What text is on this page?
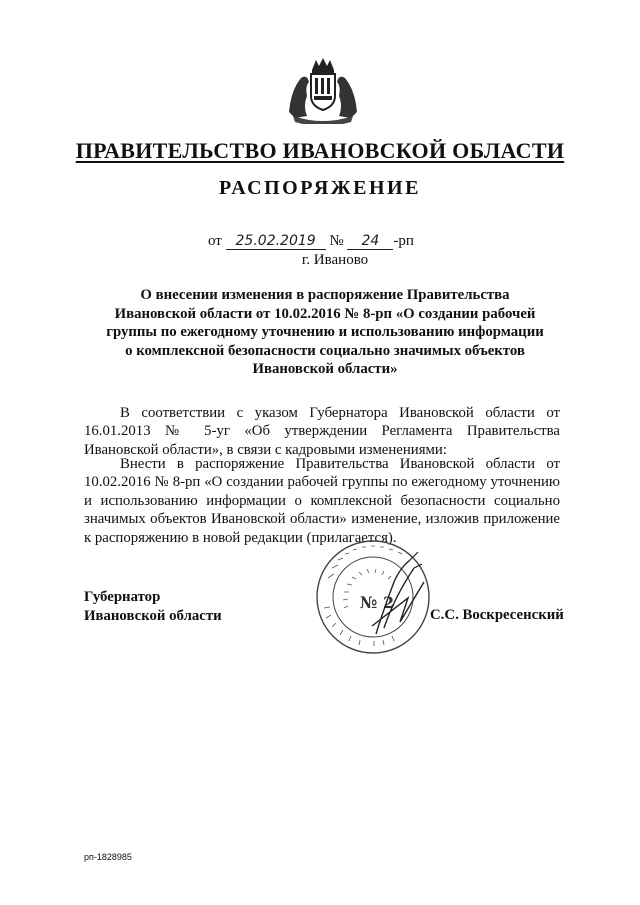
ПРАВИТЕЛЬСТВО ИВАНОВСКОЙ ОБЛАСТИ
РАСПОРЯЖЕНИЕ
от 25.02.2019 № 24 -рп
г. Иваново
О внесении изменения в распоряжение Правительства
Ивановской области от 10.02.2016 № 8-рп «О создании рабочей
группы по ежегодному уточнению и использованию информации
о комплексной безопасности социально значимых объектов
Ивановской области»
В соответствии с указом Губернатора Ивановской области от 16.01.2013 № 5-уг «Об утверждении Регламента Правительства Ивановской области», в связи с кадровыми изменениями:
Внести в распоряжение Правительства Ивановской области от 10.02.2016 № 8-рп «О создании рабочей группы по ежегодному уточнению и использованию информации о комплексной безопасности социально значимых объектов Ивановской области» изменение, изложив приложение к распоряжению в новой редакции (прилагается).
Губернатор
Ивановской области
№ 2
С.С. Воскресенский
рп-1828985
